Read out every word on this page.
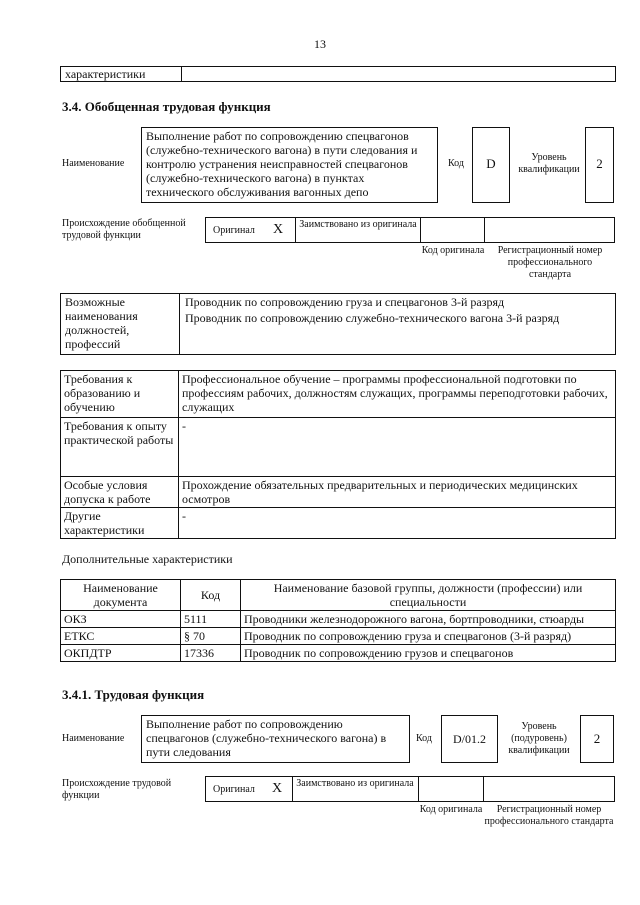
13
характеристики
3.4. Обобщенная трудовая функция
Наименование
Выполнение работ по сопровождению спецвагонов (служебно-технического вагона) в пути следования и контролю устранения неисправностей спецвагонов (служебно-технического вагона) в пунктах технического обслуживания вагонных депо
Код	D	Уровень квалификации	2
Происхождение обобщенной трудовой функции	Оригинал X Заимствовано из оригинала
Код оригинала	Регистрационный номер профессионального стандарта
Возможные наименования должностей, профессий
Проводник по сопровождению груза и спецвагонов 3-й разряд
Проводник по сопровождению служебно-технического вагона 3-й разряд
Требования к образованию и обучению	Профессиональное обучение – программы профессиональной подготовки по профессиям рабочих, должностям служащих, программы переподготовки рабочих, служащих
Требования к опыту практической работы	-
Особые условия допуска к работе	Прохождение обязательных предварительных и периодических медицинских осмотров
Другие характеристики	-
Дополнительные характеристики
Наименование документа	Код	Наименование базовой группы, должности (профессии) или специальности
ОКЗ	5111	Проводники железнодорожного вагона, бортпроводники, стюарды
ЕТКС	§ 70	Проводник по сопровождению груза и спецвагонов (3-й разряд)
ОКПДТР	17336	Проводник по сопровождению грузов и спецвагонов
3.4.1. Трудовая функция
Наименование
Выполнение работ по сопровождению спецвагонов (служебно-технического вагона) в пути следования
Код	D/01.2
Уровень (подуровень) квалификации
2
Происхождение трудовой функции
Оригинал X Заимствовано из оригинала
Код оригинала	Регистрационный номер профессионального стандарта
